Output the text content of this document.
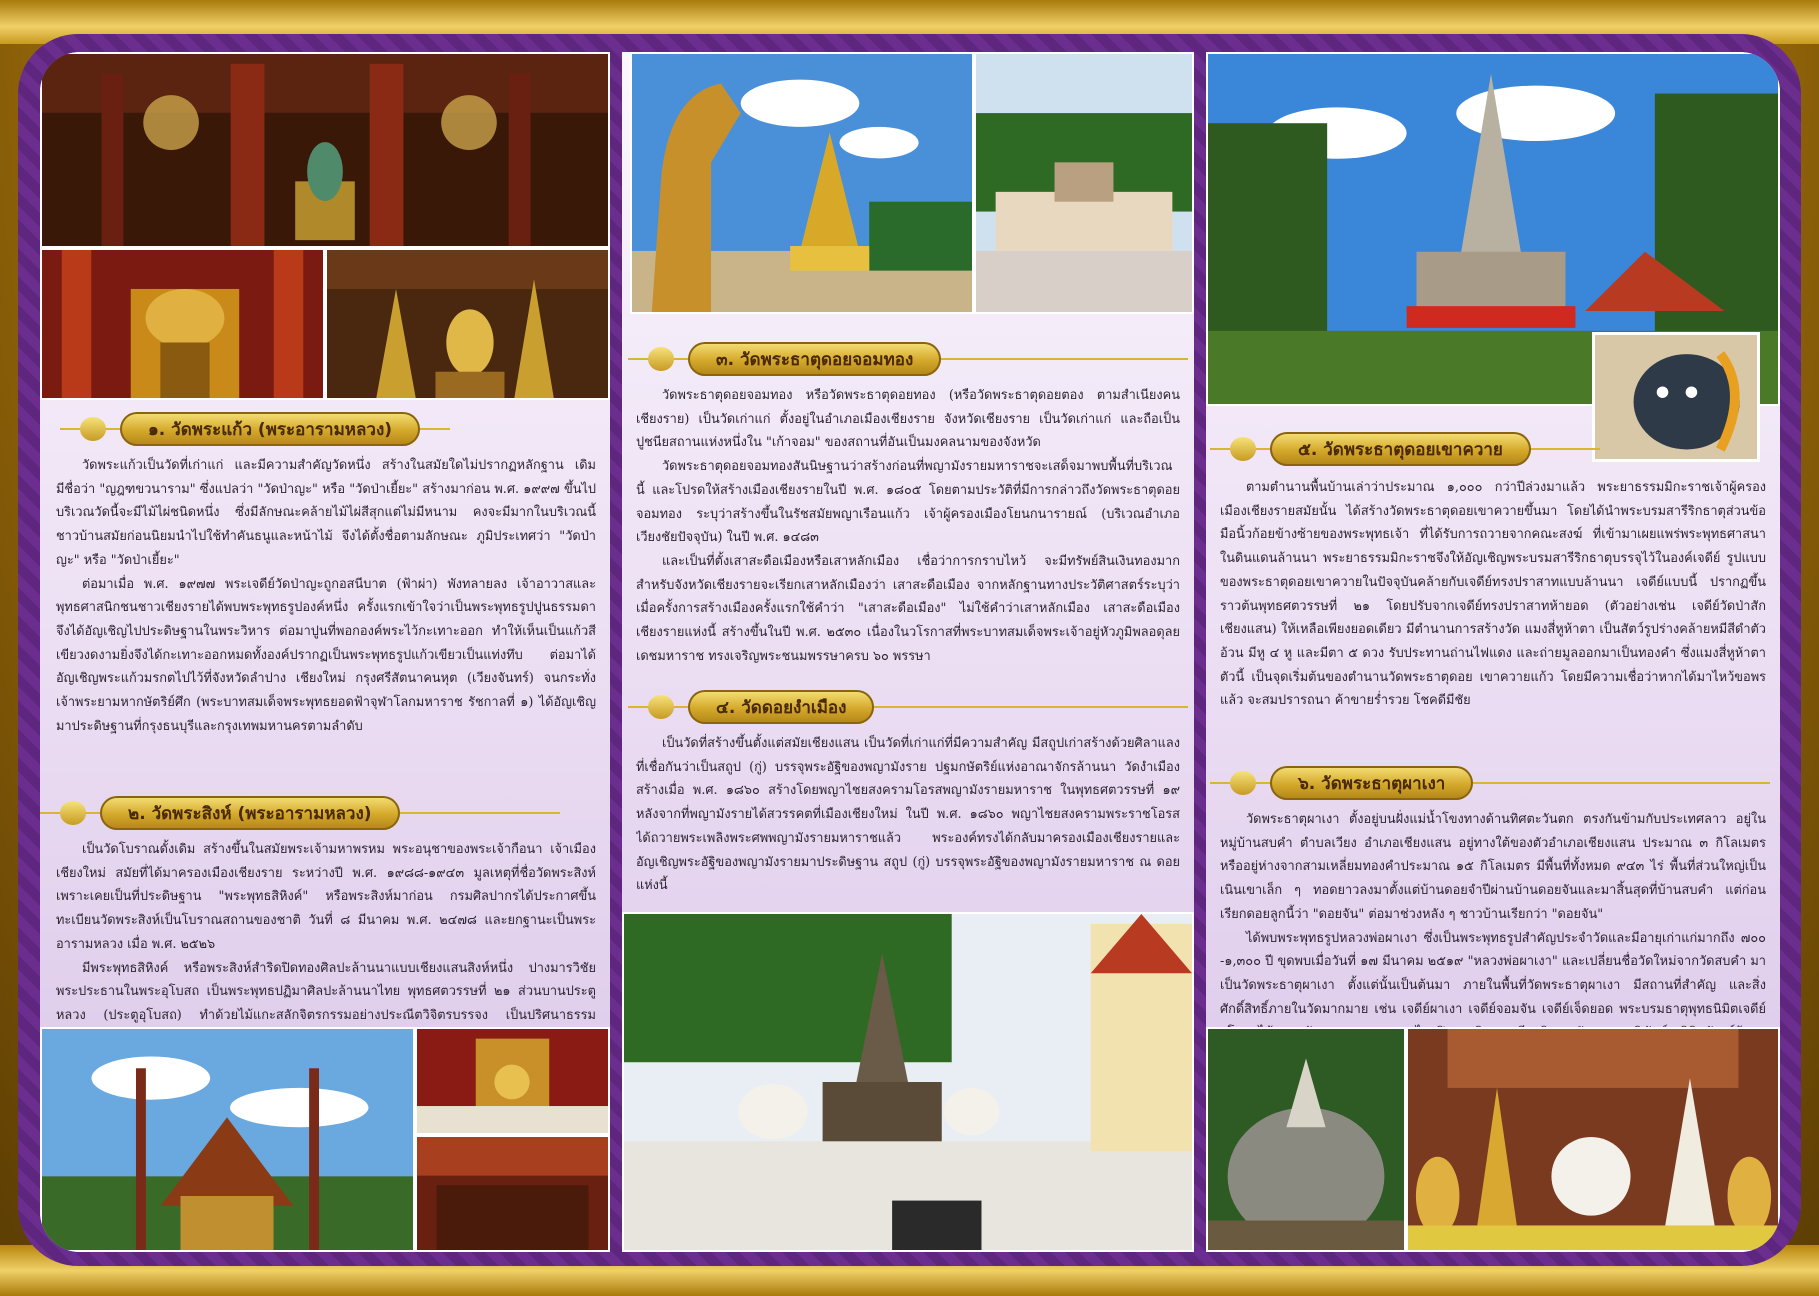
๑. วัดพระแก้ว (พระอารามหลวง)

วัดพระแก้วเป็นวัดที่เก่าแก่ และมีความสำคัญวัดหนึ่ง สร้างในสมัยใดไม่ปรากฏหลักฐาน เดิมมีชื่อว่า "ญฎฑขวนาราม" ซึ่งแปลว่า "วัดป่าญะ" หรือ "วัดป่าเยี้ยะ" สร้างมาก่อน พ.ศ. ๑๙๙๗ ขึ้นไป บริเวณวัดนี้จะมีไม้ไผ่ชนิดหนึ่ง ซึ่งมีลักษณะคล้ายไม้ไผ่สีสุกแต่ไม่มีหนาม คงจะมีมากในบริเวณนี้ ชาวบ้านสมัยก่อนนิยมนำไปใช้ทำคันธนูและหน้าไม้ จึงได้ตั้งชื่อตามลักษณะ ภูมิประเทศว่า "วัดป่าญะ" หรือ "วัดป่าเยี้ยะ"

ต่อมาเมื่อ พ.ศ. ๑๙๗๗ พระเจดีย์วัดป่าญะถูกอสนีบาต (ฟ้าผ่า) พังทลายลง เจ้าอาวาสและพุทธศาสนิกชนชาวเชียงรายได้พบพระพุทธรูปองค์หนึ่ง ครั้งแรกเข้าใจว่าเป็นพระพุทธรูปปูนธรรมดาจึงได้อัญเชิญไปประดิษฐานในพระวิหาร ต่อมาปูนที่พอกองค์พระไว้กะเทาะออก ทำให้เห็นเป็นแก้วสีเขียวงดงามยิ่งจึงได้กะเทาะออกหมดทั้งองค์ปรากฏเป็นพระพุทธรูปแก้วเขียวเป็นแท่งทึบ ต่อมาได้อัญเชิญพระแก้วมรกตไปไว้ที่จังหวัดลำปาง เชียงใหม่ กรุงศรีสัตนาคนหุต (เวียงจันทร์) จนกระทั่งเจ้าพระยามหากษัตริย์ศึก (พระบาทสมเด็จพระพุทธยอดฟ้าจุฬาโลกมหาราช รัชกาลที่ ๑) ได้อัญเชิญมาประดิษฐานที่กรุงธนบุรีและกรุงเทพมหานครตามลำดับ

๒. วัดพระสิงห์ (พระอารามหลวง)

เป็นวัดโบราณดั้งเดิม สร้างขึ้นในสมัยพระเจ้ามหาพรหม พระอนุชาของพระเจ้ากือนา เจ้าเมืองเชียงใหม่ สมัยที่ได้มาครองเมืองเชียงราย ระหว่างปี พ.ศ. ๑๙๘๘-๑๙๔๓ มูลเหตุที่ชื่อวัดพระสิงห์เพราะเคยเป็นที่ประดิษฐาน "พระพุทธสิหิงค์" หรือพระสิงห์มาก่อน กรมศิลปากรได้ประกาศขึ้นทะเบียนวัดพระสิงห์เป็นโบราณสถานของชาติ วันที่ ๘ มีนาคม พ.ศ. ๒๔๗๘ และยกฐานะเป็นพระอารามหลวง เมื่อ พ.ศ. ๒๕๒๖

มีพระพุทธสิหิงค์ หรือพระสิงห์สำริดปิดทองศิลปะล้านนาแบบเชียงแสนสิงห์หนึ่ง ปางมารวิชัย พระประธานในพระอุโบสถ เป็นพระพุทธปฏิมาศิลปะล้านนาไทย พุทธศตวรรษที่ ๒๑ ส่วนบานประตูหลวง (ประตูอุโบสถ) ทำด้วยไม้แกะสลักจิตรกรรมอย่างประณีตวิจิตรบรรจง เป็นปริศนาธรรม

๓. วัดพระธาตุดอยจอมทอง

วัดพระธาตุดอยจอมทอง หรือวัดพระธาตุดอยทอง (หรือวัดพระธาตุดอยตอง ตามสำเนียงคนเชียงราย) เป็นวัดเก่าแก่ ตั้งอยู่ในอำเภอเมืองเชียงราย จังหวัดเชียงราย เป็นวัดเก่าแก่ และถือเป็นปูชนียสถานแห่งหนึ่งใน "เก้าจอม" ของสถานที่อันเป็นมงคลนามของจังหวัด

วัดพระธาตุดอยจอมทองสันนิษฐานว่าสร้างก่อนที่พญามังรายมหาราชจะเสด็จมาพบพื้นที่บริเวณนี้ และโปรดให้สร้างเมืองเชียงรายในปี พ.ศ. ๑๘๐๕ โดยตามประวัติที่มีการกล่าวถึงวัดพระธาตุดอยจอมทอง ระบุว่าสร้างขึ้นในรัชสมัยพญาเรือนแก้ว เจ้าผู้ครองเมืองโยนกนารายณ์ (บริเวณอำเภอเวียงชัยปัจจุบัน) ในปี พ.ศ. ๑๔๘๓

และเป็นที่ตั้งเสาสะดือเมืองหรือเสาหลักเมือง เชื่อว่าการกราบไหว้ จะมีทรัพย์สินเงินทองมาก สำหรับจังหวัดเชียงรายจะเรียกเสาหลักเมืองว่า เสาสะดือเมือง จากหลักฐานทางประวัติศาสตร์ระบุว่าเมื่อครั้งการสร้างเมืองครั้งแรกใช้คำว่า "เสาสะดือเมือง" ไม่ใช้คำว่าเสาหลักเมือง เสาสะดือเมืองเชียงรายแห่งนี้ สร้างขึ้นในปี พ.ศ. ๒๕๓๐ เนื่องในวโรกาสที่พระบาทสมเด็จพระเจ้าอยู่หัวภูมิพลอดุลยเดชมหาราช ทรงเจริญพระชนมพรรษาครบ ๖๐ พรรษา

๔. วัดดอยงำเมือง

เป็นวัดที่สร้างขึ้นตั้งแต่สมัยเชียงแสน เป็นวัดที่เก่าแก่ที่มีความสำคัญ มีสถูปเก่าสร้างด้วยศิลาแลงที่เชื่อกันว่าเป็นสถูป (กู่) บรรจุพระอัฐิของพญามังราย ปฐมกษัตริย์แห่งอาณาจักรล้านนา วัดงำเมือง สร้างเมื่อ พ.ศ. ๑๘๖๐ สร้างโดยพญาไชยสงครามโอรสพญามังรายมหาราช ในพุทธศตวรรษที่ ๑๙ หลังจากที่พญามังรายได้สวรรคตที่เมืองเชียงใหม่ ในปี พ.ศ. ๑๘๖๐ พญาไชยสงครามพระราชโอรส ได้ถวายพระเพลิงพระศพพญามังรายมหาราชแล้ว พระองค์ทรงได้กลับมาครองเมืองเชียงรายและอัญเชิญพระอัฐิของพญามังรายมาประดิษฐาน สถูป (กู่) บรรจุพระอัฐิของพญามังรายมหาราช ณ ดอยแห่งนี้

๕. วัดพระธาตุดอยเขาควาย

ตามตำนานพื้นบ้านเล่าว่าประมาณ ๑,๐๐๐ กว่าปีล่วงมาแล้ว พระยาธรรมมิกะราชเจ้าผู้ครองเมืองเชียงรายสมัยนั้น ได้สร้างวัดพระธาตุดอยเขาควายขึ้นมา โดยได้นำพระบรมสารีริกธาตุส่วนข้อมือนิ้วก้อยข้างซ้ายของพระพุทธเจ้า ที่ได้รับการถวายจากคณะสงฆ์ ที่เข้ามาเผยแพร่พระพุทธศาสนาในดินแดนล้านนา พระยาธรรมมิกะราชจึงให้อัญเชิญพระบรมสารีริกธาตุบรรจุไว้ในองค์เจดีย์ รูปแบบของพระธาตุดอยเขาควายในปัจจุบันคล้ายกับเจดีย์ทรงปราสาทแบบล้านนา เจดีย์แบบนี้ ปรากฏขึ้นราวต้นพุทธศตวรรษที่ ๒๑ โดยปรับจากเจดีย์ทรงปราสาทห้ายอด (ตัวอย่างเช่น เจดีย์วัดป่าสักเชียงแสน) ให้เหลือเพียงยอดเดียว มีตำนานการสร้างวัด แมงสี่หูห้าตา เป็นสัตว์รูปร่างคล้ายหมีสีดำตัวอ้วน มีหู ๔ หู และมีตา ๕ ดวง รับประทานถ่านไฟแดง และถ่ายมูลออกมาเป็นทองคำ ซึ่งแมงสี่หูห้าตาตัวนี้ เป็นจุดเริ่มต้นของตำนานวัดพระธาตุดอย เขาควายแก้ว โดยมีความเชื่อว่าหากได้มาไหว้ขอพรแล้ว จะสมปรารถนา ค้าขายร่ำรวย โชคดีมีชัย

๖. วัดพระธาตุผาเงา

วัดพระธาตุผาเงา ตั้งอยู่บนฝั่งแม่น้ำโขงทางด้านทิศตะวันตก ตรงกันข้ามกับประเทศลาว อยู่ในหมู่บ้านสบคำ ตำบลเวียง อำเภอเชียงแสน อยู่ทางใต้ของตัวอำเภอเชียงแสน ประมาณ ๓ กิโลเมตร หรืออยู่ห่างจากสามเหลี่ยมทองคำประมาณ ๑๕ กิโลเมตร มีพื้นที่ทั้งหมด ๙๔๓ ไร่ พื้นที่ส่วนใหญ่เป็นเนินเขาเล็ก ๆ ทอดยาวลงมาตั้งแต่บ้านดอยจำปีผ่านบ้านดอยจันและมาสิ้นสุดที่บ้านสบคำ แต่ก่อนเรียกดอยลูกนี้ว่า "ดอยจัน" ต่อมาช่วงหลัง ๆ ชาวบ้านเรียกว่า "ดอยจัน"

ได้พบพระพุทธรูปหลวงพ่อผาเงา ซึ่งเป็นพระพุทธรูปสำคัญประจำวัดและมีอายุเก่าแก่มากถึง ๗๐๐ -๑,๓๐๐ ปี ขุดพบเมื่อวันที่ ๑๗ มีนาคม ๒๕๑๙ "หลวงพ่อผาเงา" และเปลี่ยนชื่อวัดใหม่จากวัดสบคำ มาเป็นวัดพระธาตุผาเงา ตั้งแต่นั้นเป็นต้นมา ภายในพื้นที่วัดพระธาตุผาเงา มีสถานที่สำคัญ และสิ่งศักดิ์สิทธิ์ภายในวัดมากมาย เช่น เจดีย์ผาเงา เจดีย์จอมจัน เจดีย์เจ็ดยอด พระบรมธาตุพุทธนิมิตเจดีย์
